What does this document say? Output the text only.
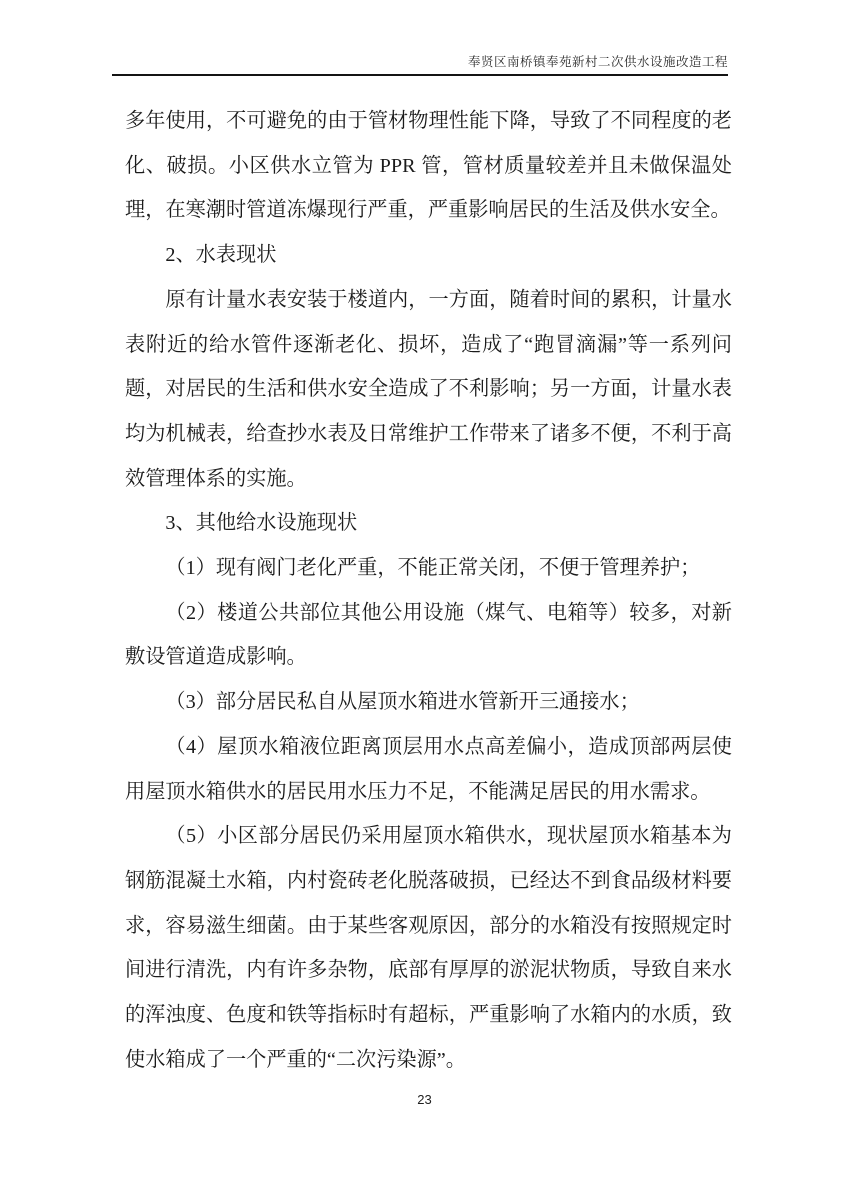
奉贤区南桥镇奉苑新村二次供水设施改造工程

多年使用，不可避免的由于管材物理性能下降，导致了不同程度的老化、破损。小区供水立管为 PPR 管，管材质量较差并且未做保温处理，在寒潮时管道冻爆现行严重，严重影响居民的生活及供水安全。

2、水表现状

原有计量水表安装于楼道内，一方面，随着时间的累积，计量水表附近的给水管件逐渐老化、损坏，造成了“跑冒滴漏”等一系列问题，对居民的生活和供水安全造成了不利影响；另一方面，计量水表均为机械表，给查抄水表及日常维护工作带来了诸多不便，不利于高效管理体系的实施。

3、其他给水设施现状

（1）现有阀门老化严重，不能正常关闭，不便于管理养护；

（2）楼道公共部位其他公用设施（煤气、电箱等）较多，对新敷设管道造成影响。

（3）部分居民私自从屋顶水箱进水管新开三通接水；

（4）屋顶水箱液位距离顶层用水点高差偏小，造成顶部两层使用屋顶水箱供水的居民用水压力不足，不能满足居民的用水需求。

（5）小区部分居民仍采用屋顶水箱供水，现状屋顶水箱基本为钢筋混凝土水箱，内村瓷砖老化脱落破损，已经达不到食品级材料要求，容易滋生细菌。由于某些客观原因，部分的水箱没有按照规定时间进行清洗，内有许多杂物，底部有厚厚的淤泥状物质，导致自来水的浑浊度、色度和铁等指标时有超标，严重影响了水箱内的水质，致使水箱成了一个严重的“二次污染源”。

23
